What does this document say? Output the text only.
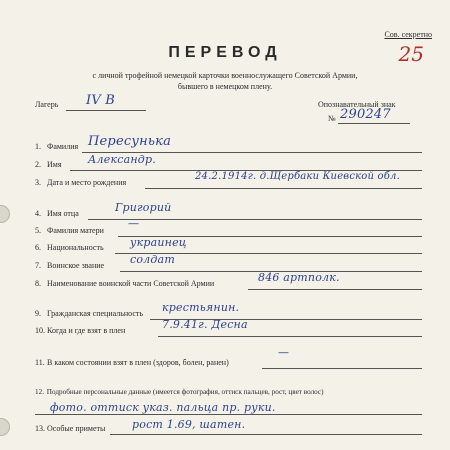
Сов. секретно
25
ПЕРЕВОД
с личной трофейной немецкой карточки военнослужащего Советской Армии,
бывшего в немецком плену.
Лагерь IV B	Опознавательный знак
№ 290247
1. Фамилия Пересунька
2. Имя Александр.
3. Дата и место рождения
24.2.1914г. д.Щербаки Киевской обл.
4. Имя отца	Григорий
5. Фамилия матери
—
6. Национальность украинец
7. Воинское звание солдат
8. Наименование воинской части Советской Армии	846 артполк.
9. Гражданская специальность крестьянин.
10. Когда и где взят в плен	7.9.41г. Десна
11. В каком состоянии взят в плен (здоров, болен, ранен)
—
12. Подробные персональные данные (имеется фотография, оттиск пальцев, рост, цвет волос)
фото. оттиск указ. пальца пр. руки.
13. Особые приметы рост 1.69, шатен.
